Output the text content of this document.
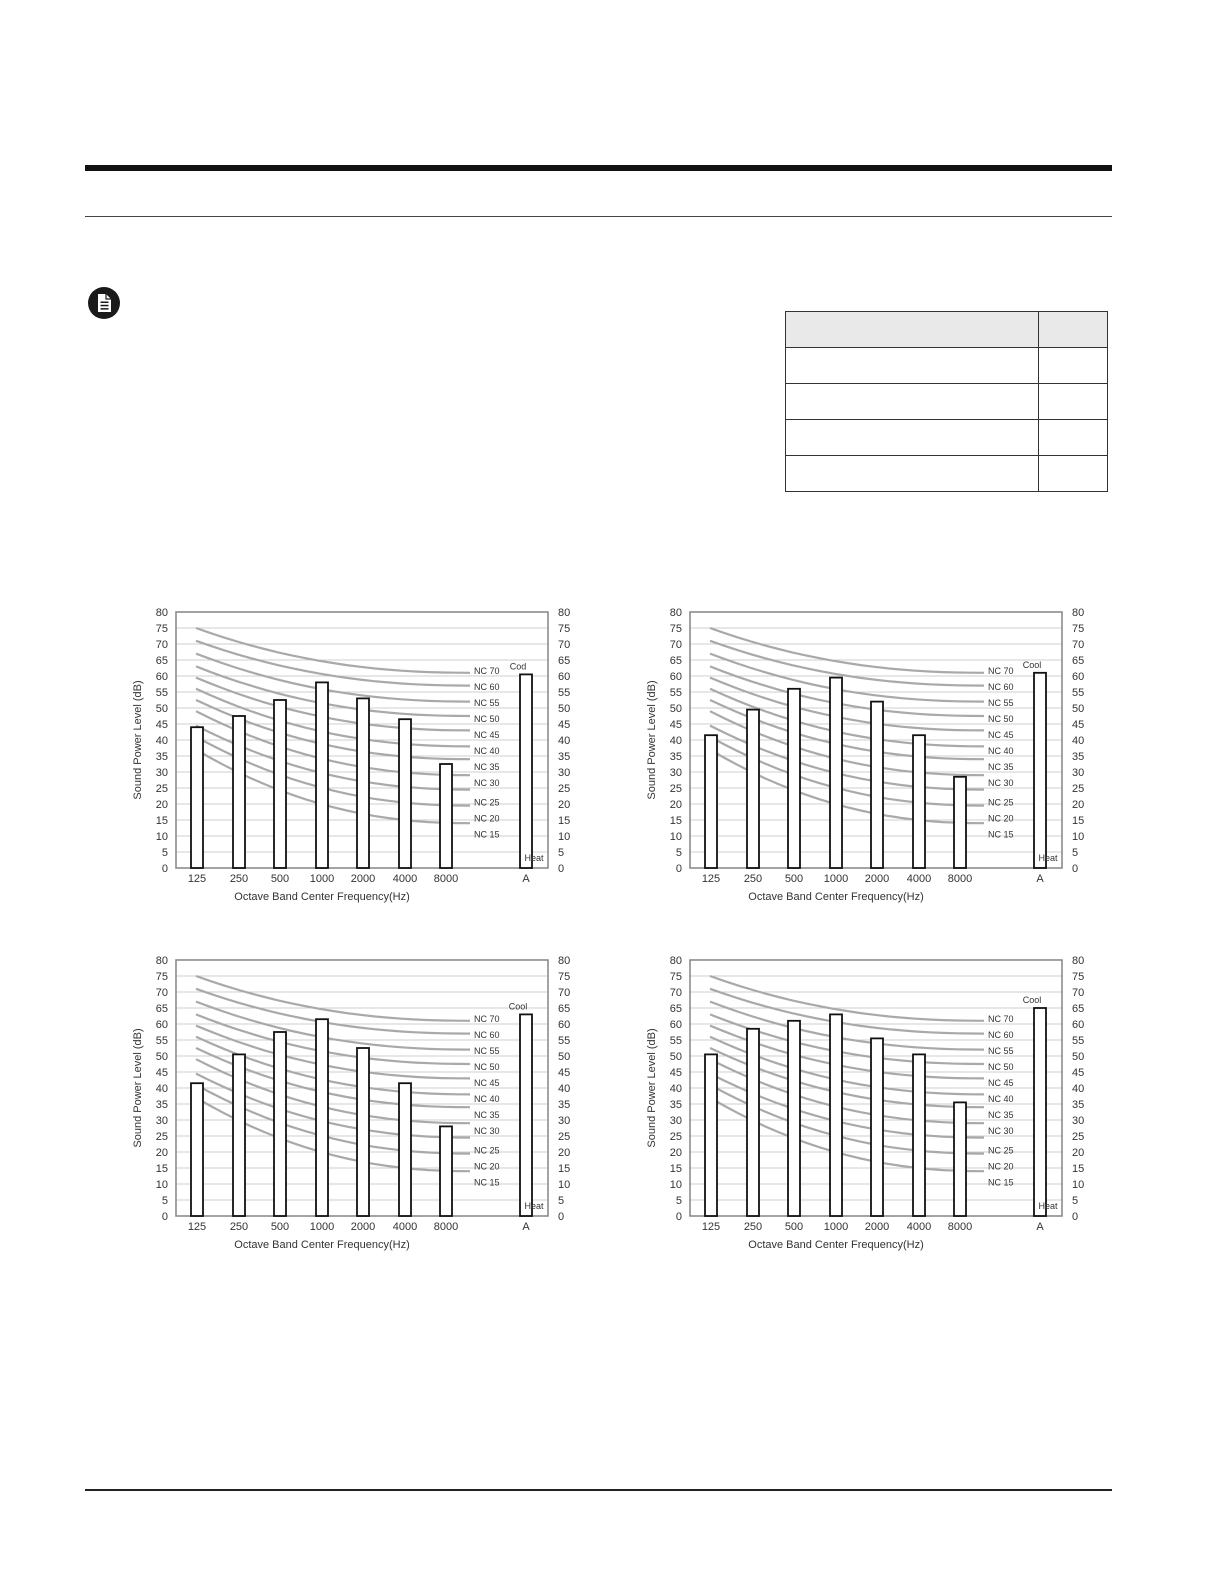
0	0
5	5
10	10
15	15
20	20
25	25
30	30
35	35
40	40
45	45
50	50
55	55
60	60
65	65
70	70
75	75
80	80
125 250 500 1000 2000 4000 8000	A
Cod
Heat
NC 70
NC 60
NC 55
NC 50
NC 45
NC 40
NC 35
NC 30
NC 25
NC 20
NC 15
Octave Band Center Frequency(Hz)
Sound Power Level (dB)
0	0
5	5
10	10
15	15
20	20
25	25
30	30
35	35
40	40
45	45
50	50
55	55
60	60
65	65
70	70
75	75
80	80
125 250 500 1000 2000 4000 8000	A
Cool
Heat
NC 70
NC 60
NC 55
NC 50
NC 45
NC 40
NC 35
NC 30
NC 25
NC 20
NC 15
Octave Band Center Frequency(Hz)
Sound Power Level (dB)
0	0
5	5
10	10
15	15
20	20
25	25
30	30
35	35
40	40
45	45
50	50
55	55
60	60
65	65
70	70
75	75
80	80
125 250 500 1000 2000 4000 8000	A
Cool
Heat
NC 70
NC 60
NC 55
NC 50
NC 45
NC 40
NC 35
NC 30
NC 25
NC 20
NC 15
Octave Band Center Frequency(Hz)
Sound Power Level (dB)
0	0
5	5
10	10
15	15
20	20
25	25
30	30
35	35
40	40
45	45
50	50
55	55
60	60
65	65
70	70
75	75
80	80
125 250 500 1000 2000 4000 8000	A
Cool
Heat
NC 70
NC 60
NC 55
NC 50
NC 45
NC 40
NC 35
NC 30
NC 25
NC 20
NC 15
Octave Band Center Frequency(Hz)
Sound Power Level (dB)
